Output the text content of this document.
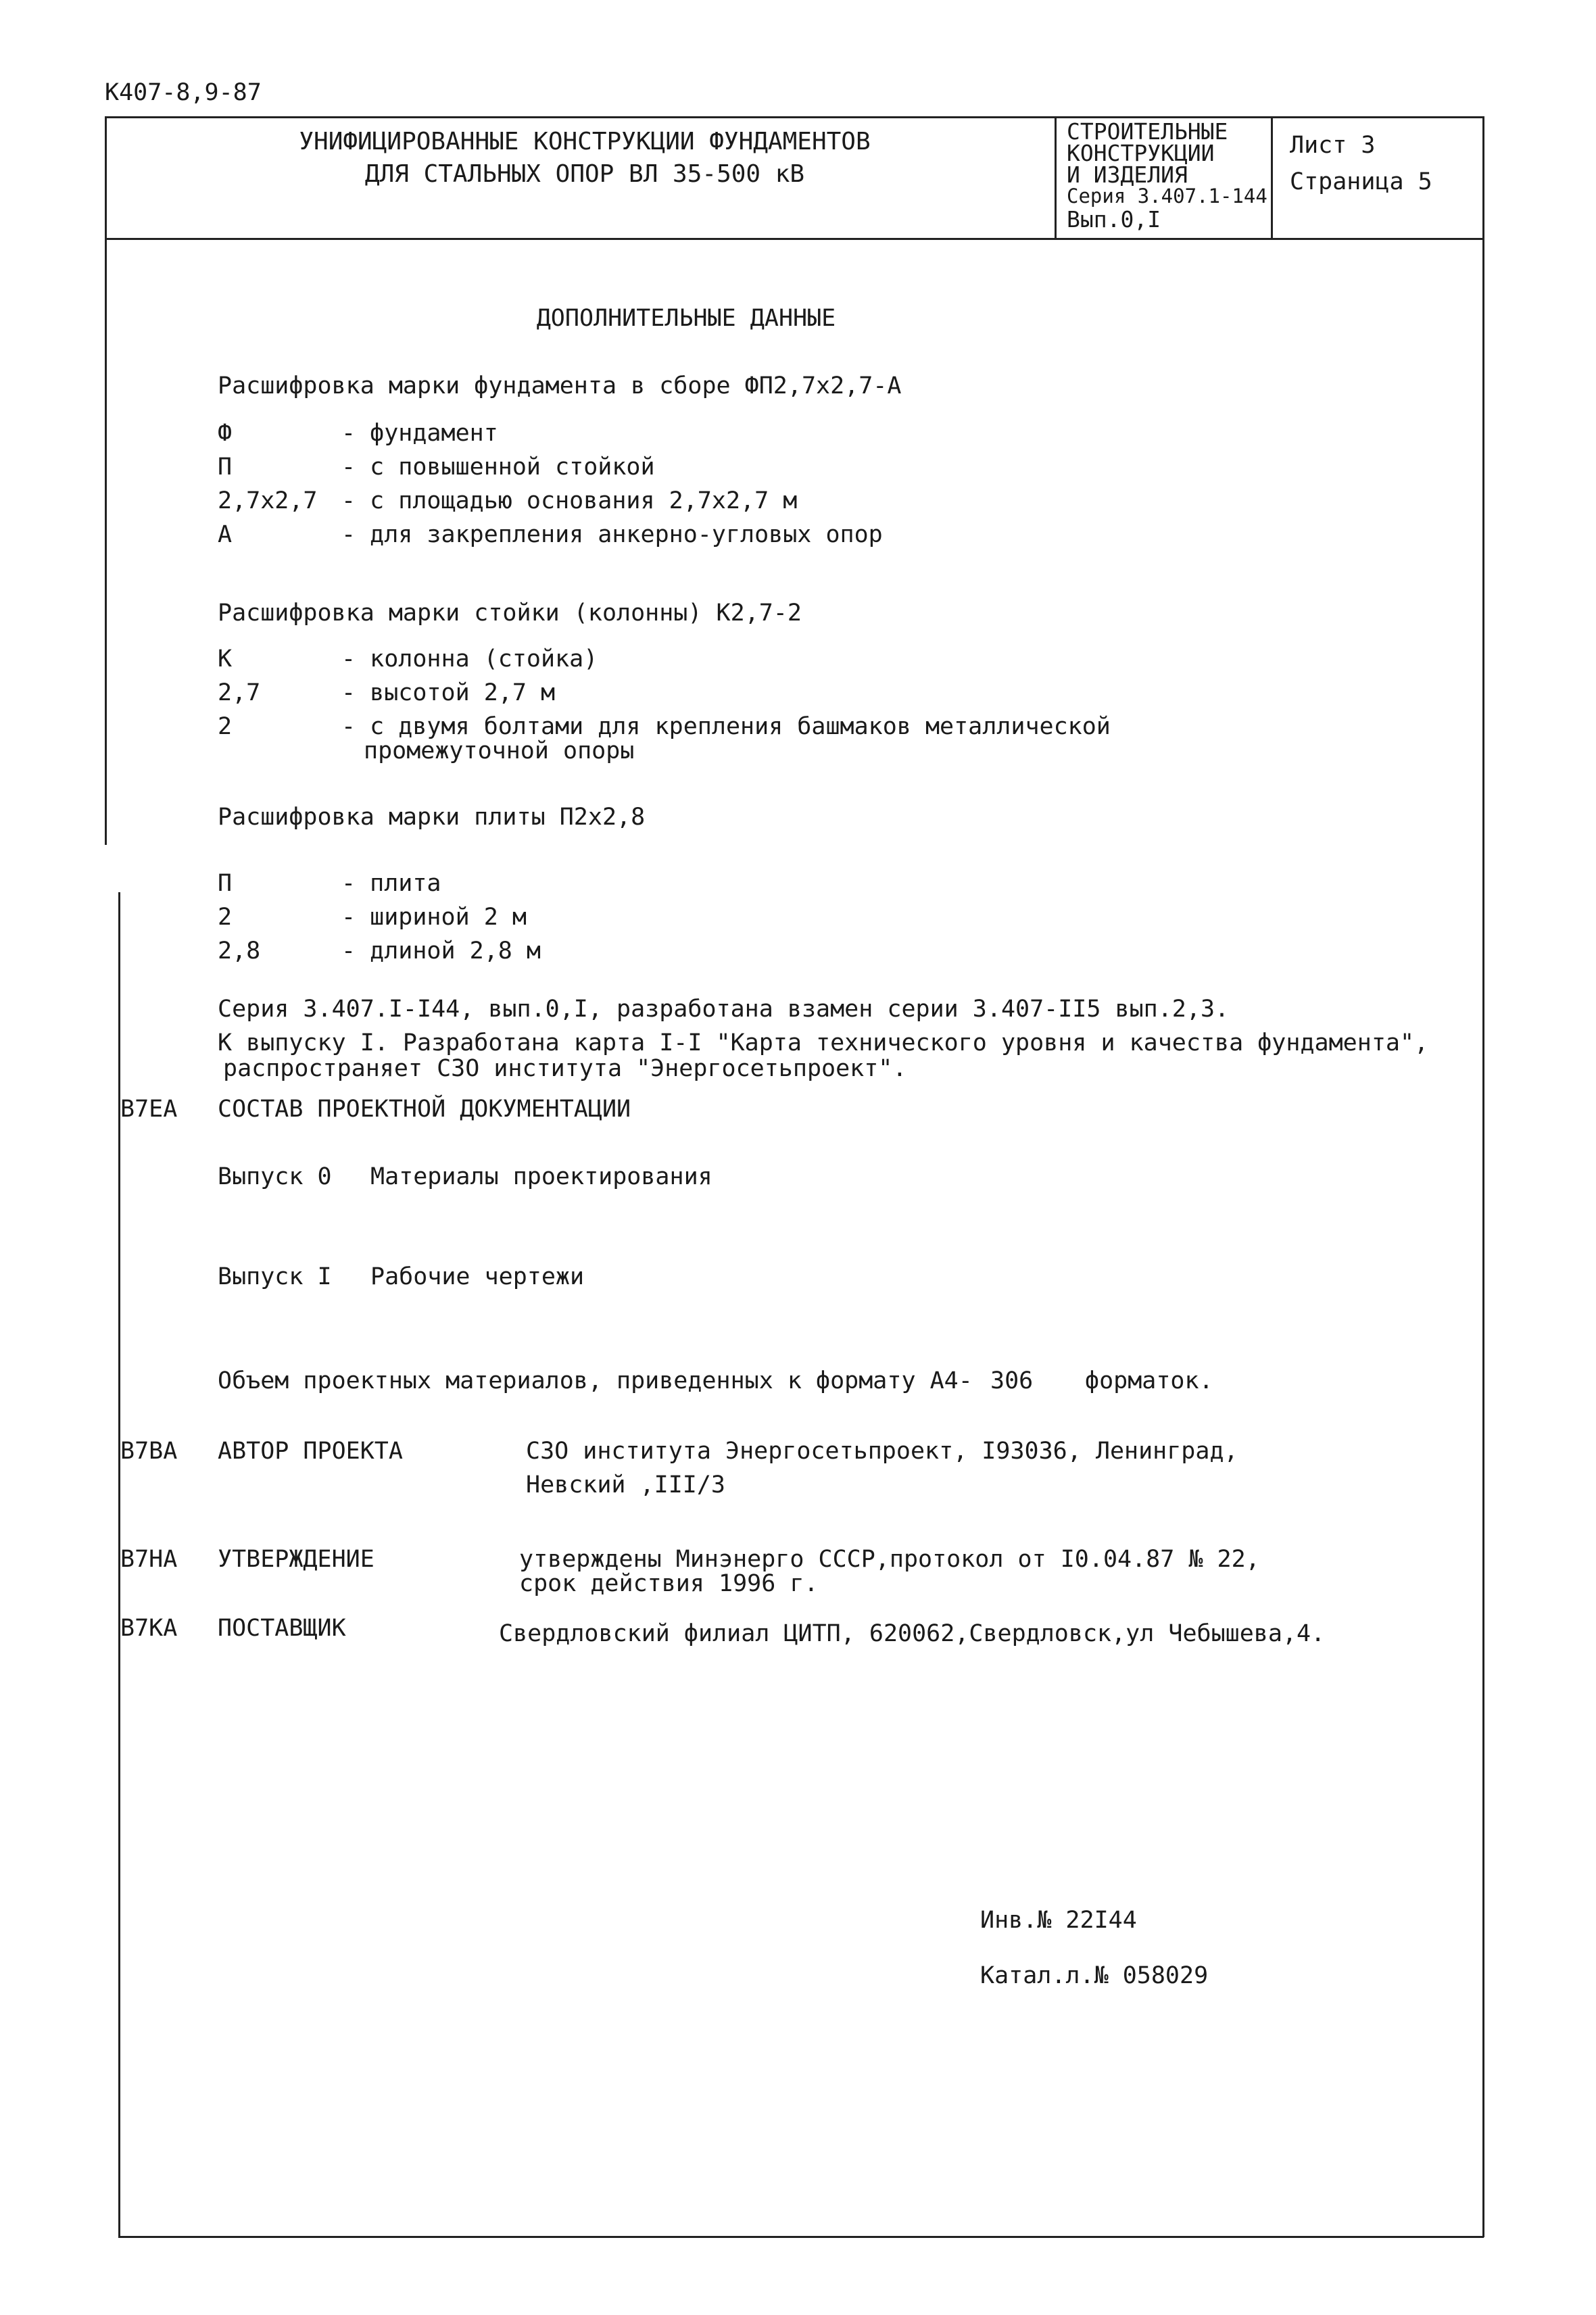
К407-8,9-87
УНИФИЦИРОВАННЫЕ КОНСТРУКЦИИ ФУНДАМЕНТОВ
ДЛЯ СТАЛЬНЫХ ОПОР ВЛ 35-500 кВ
СТРОИТЕЛЬНЫЕ
КОНСТРУКЦИИ
И ИЗДЕЛИЯ
Серия 3.407.1-144
Вып.0,I
Лист 3
Страница 5
ДОПОЛНИТЕЛЬНЫЕ ДАННЫЕ
Расшифровка марки фундамента в сборе ФП2,7х2,7-А
Ф	- фундамент
П	- с повышенной стойкой
2,7х2,7 - с площадью основания 2,7х2,7 м
А	- для закрепления анкерно-угловых опор
Расшифровка марки стойки (колонны) К2,7-2
К	- колонна (стойка)
2,7	- высотой 2,7 м
2	- с двумя болтами для крепления башмаков металлической
промежуточной опоры
Расшифровка марки плиты П2х2,8
П	- плита
2	- шириной 2 м
2,8	- длиной 2,8 м
Серия 3.407.I-I44, вып.0,I, разработана взамен серии 3.407-II5 вып.2,3.
К выпуску I. Разработана карта I-I "Карта технического уровня и качества фундамента",
распространяет СЗО института "Энергосетьпроект".
В7ЕА СОСТАВ ПРОЕКТНОЙ ДОКУМЕНТАЦИИ
Выпуск 0 Материалы проектирования
Выпуск I Рабочие чертежи
Объем проектных материалов, приведенных к формату А4- 306 форматок.
В7ВА АВТОР ПРОЕКТА	СЗО института Энергосетьпроект, I93036, Ленинград,
Невский ,III/3
В7НА УТВЕРЖДЕНИЕ	утверждены Минэнерго СССР,протокол от I0.04.87 № 22,
срок действия 1996 г.
В7КА ПОСТАВЩИК	Свердловский филиал ЦИТП, 620062,Свердловск,ул Чебышева,4.
Инв.№ 22I44
Катал.л.№ 058029
